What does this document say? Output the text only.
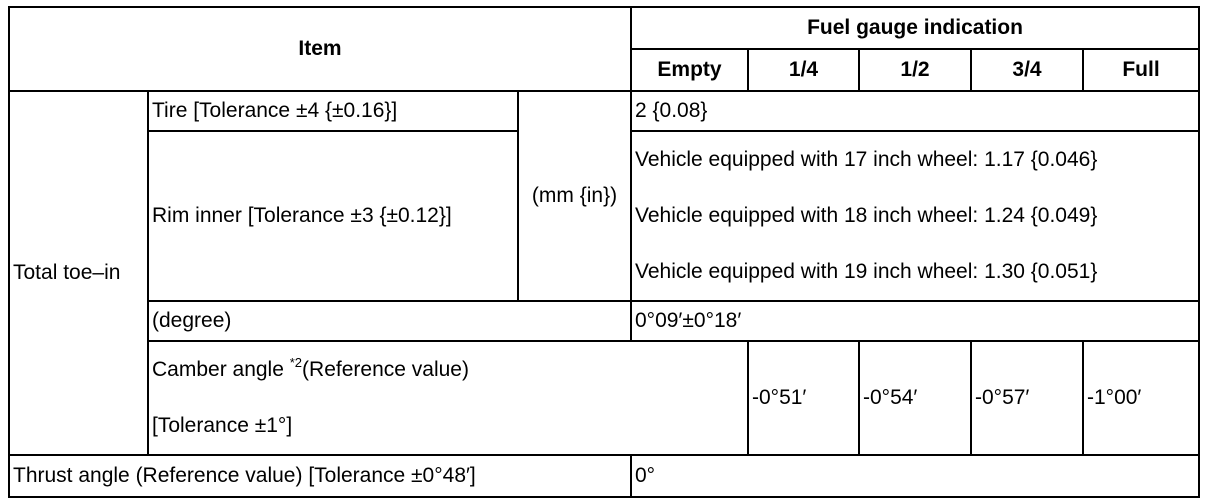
Item			Fuel gauge indication					
			Empty	1/4	1/2	3/4	Full	
Total toe–in	Tire [Tolerance ±4 {±0.16}]	(mm {in})	2 {0.08}					
	Rim inner [Tolerance ±3 {±0.12}]		Vehicle equipped with 17 inch wheel: 1.17 {0.046}
Vehicle equipped with 18 inch wheel: 1.24 {0.049}
Vehicle equipped with 19 inch wheel: 1.30 {0.051}					

	(degree)		0°09′±0°18′					

	Camber angle $^{*2}$(Reference value)
[Tolerance ±1°]			-0°51′	-0°54′	-0°57′	-1°00′	
Thrust angle (Reference value) [Tolerance ±0°48′]			0°					
